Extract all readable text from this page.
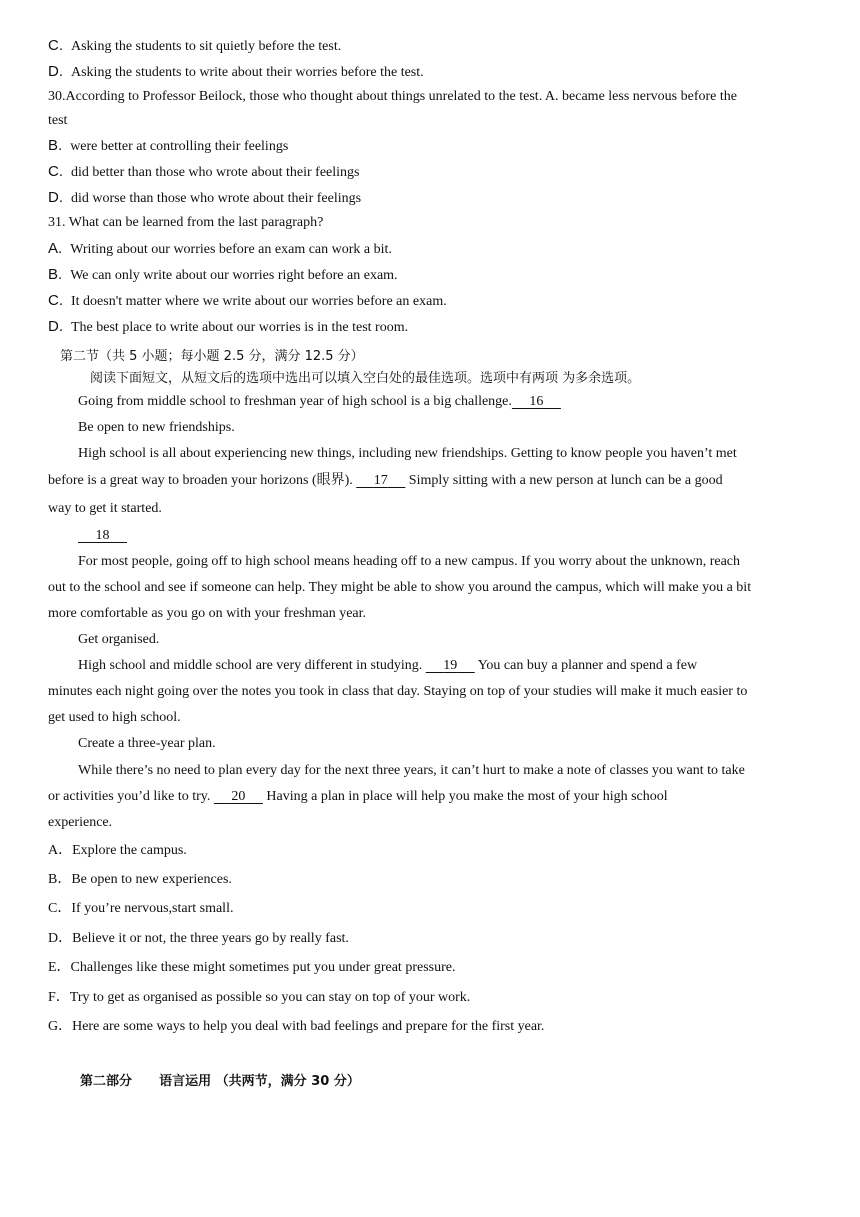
C. Asking the students to sit quietly before the test.
D. Asking the students to write about their worries before the test.
30.According to Professor Beilock, those who thought about things unrelated to the test. A. became less nervous before the
test
B. were better at controlling their feelings
C. did better than those who wrote about their feelings
D. did worse than those who wrote about their feelings
31. What can be learned from the last paragraph?
A. Writing about our worries before an exam can work a bit.
B. We can only write about our worries right before an exam.
C. It doesn't matter where we write about our worries before an exam.
D. The best place to write about our worries is in the test room.
第二节（共 5 小题；每小题 2.5 分，满分 12.5 分）
阅读下面短文，从短文后的选项中选出可以填入空白处的最佳选项。选项中有两项 为多余选项。
Going from middle school to freshman year of high school is a big challenge. 16
Be open to new friendships.
High school is all about experiencing new things, including new friendships. Getting to know people you haven’t met
before is a great way to broaden your horizons (眼界).      17      Simply sitting with a new person at lunch can be a good
way to get it started.
18
For most people, going off to high school means heading off to a new campus. If you worry about the unknown, reach
out to the school and see if someone can help. They might be able to show you around the campus, which will make you a bit
more comfortable as you go on with your freshman year.
Get organised.
High school and middle school are very different in studying.      19      You can buy a planner and spend a few
minutes each night going over the notes you took in class that day. Staying on top of your studies will make it much easier to
get used to high school.
Create a three-year plan.
While there’s no need to plan every day for the next three years, it can’t hurt to make a note of classes you want to take
or activities you’d like to try.      20      Having a plan in place will help you make the most of your high school
experience.
A．Explore the campus.
B．Be open to new experiences.
C．If you’re nervous,start small.
D．Believe it or not, the three years go by really fast.
E．Challenges like these might sometimes put you under great pressure.
F．Try to get as organised as possible so you can stay on top of your work.
G．Here are some ways to help you deal with bad feelings and prepare for the first year.
第二部分      语言运用 （共两节，满分 30 分）
